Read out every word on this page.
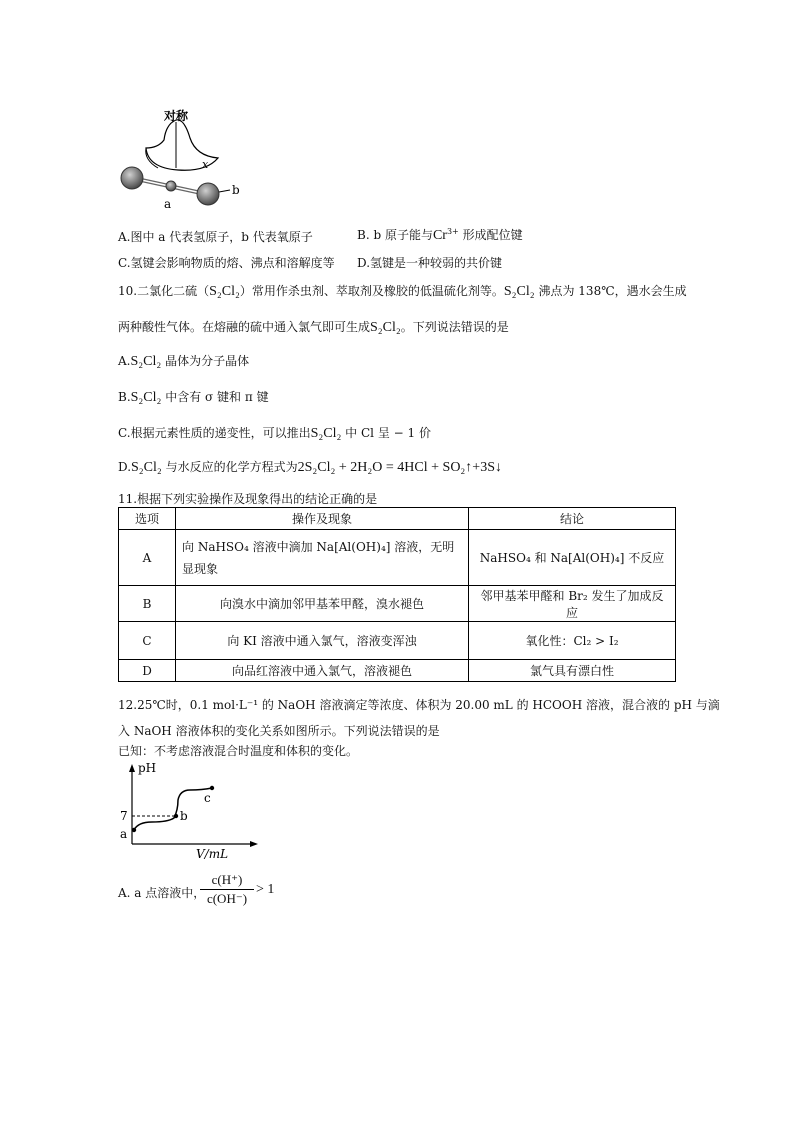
对称
x
b
a
A.图中 a 代表氢原子，b 代表氧原子	B. b 原子能与$Cr^{3+}$ 形成配位键
C.氢键会影响物质的熔、沸点和溶解度等 D.氢键是一种较弱的共价键
10.二氯化二硫（S₂Cl₂）常用作杀虫剂、萃取剂及橡胶的低温硫化剂等。S₂Cl₂ 沸点为 138℃，遇水会生成
两种酸性气体。在熔融的硫中通入氯气即可生成S₂Cl₂。下列说法错误的是
A.S₂Cl₂ 晶体为分子晶体
B.S₂Cl₂ 中含有 σ 键和 π 键
C.根据元素性质的递变性，可以推出S₂Cl₂ 中 Cl 呈 − 1 价
D.S₂Cl₂ 与水反应的化学方程式为2S₂Cl₂ + 2H₂O = 4HCl + SO₂↑+3S↓
11.根据下列实验操作及现象得出的结论正确的是
选项	操作及现象	结论
A	向 NaHSO₄ 溶液中滴加 Na[Al(OH)₄] 溶液，无明显现象	NaHSO₄ 和 Na[Al(OH)₄] 不反应
B	向溴水中滴加邻甲基苯甲醛，溴水褪色	邻甲基苯甲醛和 Br₂ 发生了加成反应
C	向 KI 溶液中通入氯气，溶液变浑浊	氧化性：Cl₂ > I₂
D	向品红溶液中通入氯气，溶液褪色	氯气具有漂白性
12.25℃时，0.1 mol·L⁻¹ 的 NaOH 溶液滴定等浓度、体积为 20.00 mL 的 HCOOH 溶液，混合液的 pH 与滴
入 NaOH 溶液体积的变化关系如图所示。下列说法错误的是
已知：不考虑溶液混合时温度和体积的变化。
pH
V/mL
7
a
b
c
A. a 点溶液中，
c(H⁺)
c(OH⁻)
> 1
